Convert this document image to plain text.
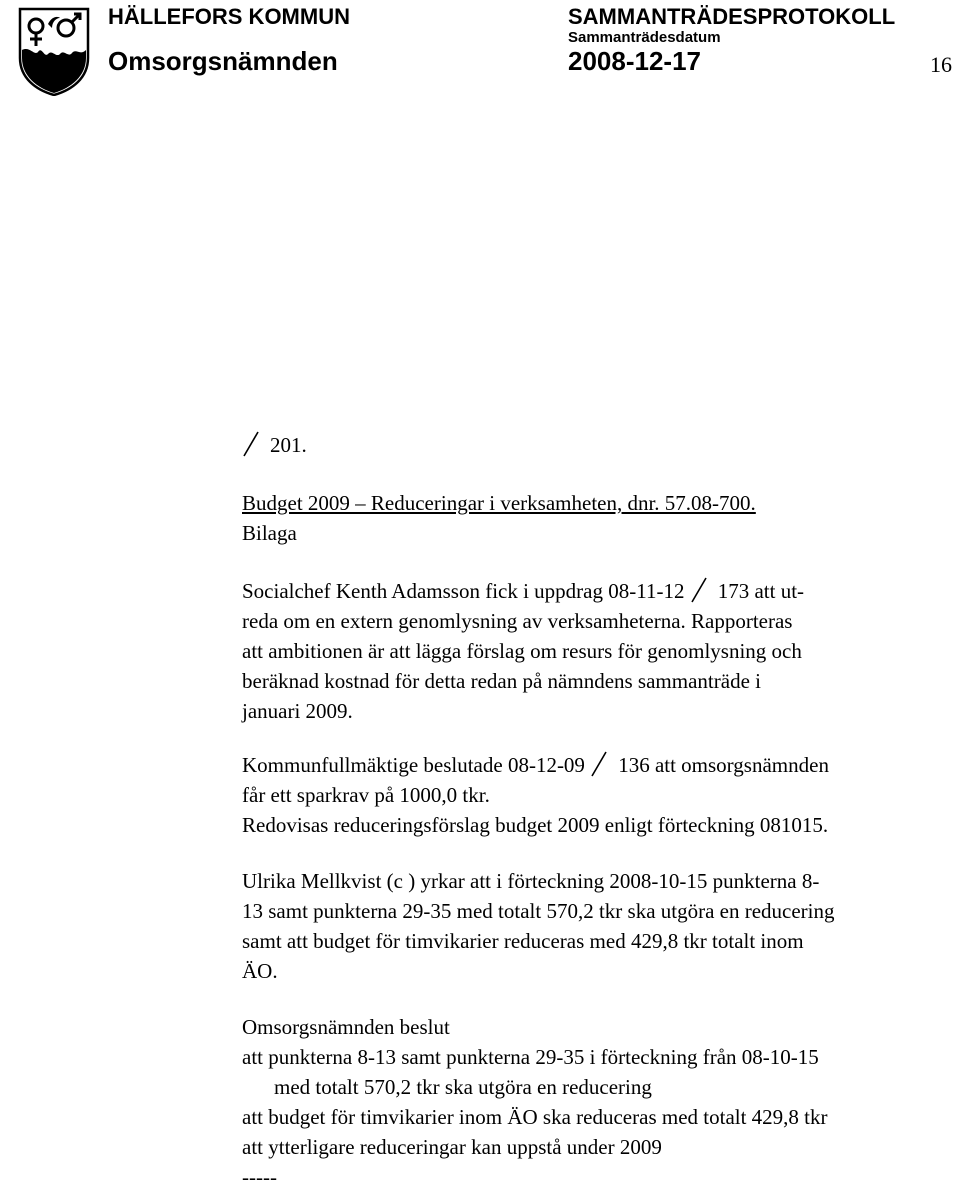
HÄLLEFORS KOMMUN
Omsorgsnämnden
SAMMANTRÄDESPROTOKOLL
Sammanträdesdatum
2008-12-17	16
201.

Budget 2009 – Reduceringar i verksamheten, dnr. 57.08-700.

Bilaga

Socialchef Kenth Adamsson fick i uppdrag 08-11-12
173 att ut-

reda om en extern genomlysning av verksamheterna. Rapporteras

att ambitionen är att lägga förslag om resurs för genomlysning och

beräknad kostnad för detta redan på nämndens sammanträde i

januari 2009.

Kommunfullmäktige beslutade 08-12-09
136 att omsorgsnämnden

får ett sparkrav på 1000,0 tkr.

Redovisas reduceringsförslag budget 2009 enligt förteckning 081015.

Ulrika Mellkvist (c ) yrkar att i förteckning 2008-10-15 punkterna 8-

13 samt punkterna 29-35 med totalt 570,2 tkr ska utgöra en reducering

samt att budget för timvikarier reduceras med 429,8 tkr totalt inom

ÄO.

Omsorgsnämnden beslut

att punkterna 8-13 samt punkterna 29-35 i förteckning från 08-10-15

med totalt 570,2 tkr ska utgöra en reducering

att budget för timvikarier inom ÄO ska reduceras med totalt 429,8 tkr

att ytterligare reduceringar kan uppstå under 2009

-----
